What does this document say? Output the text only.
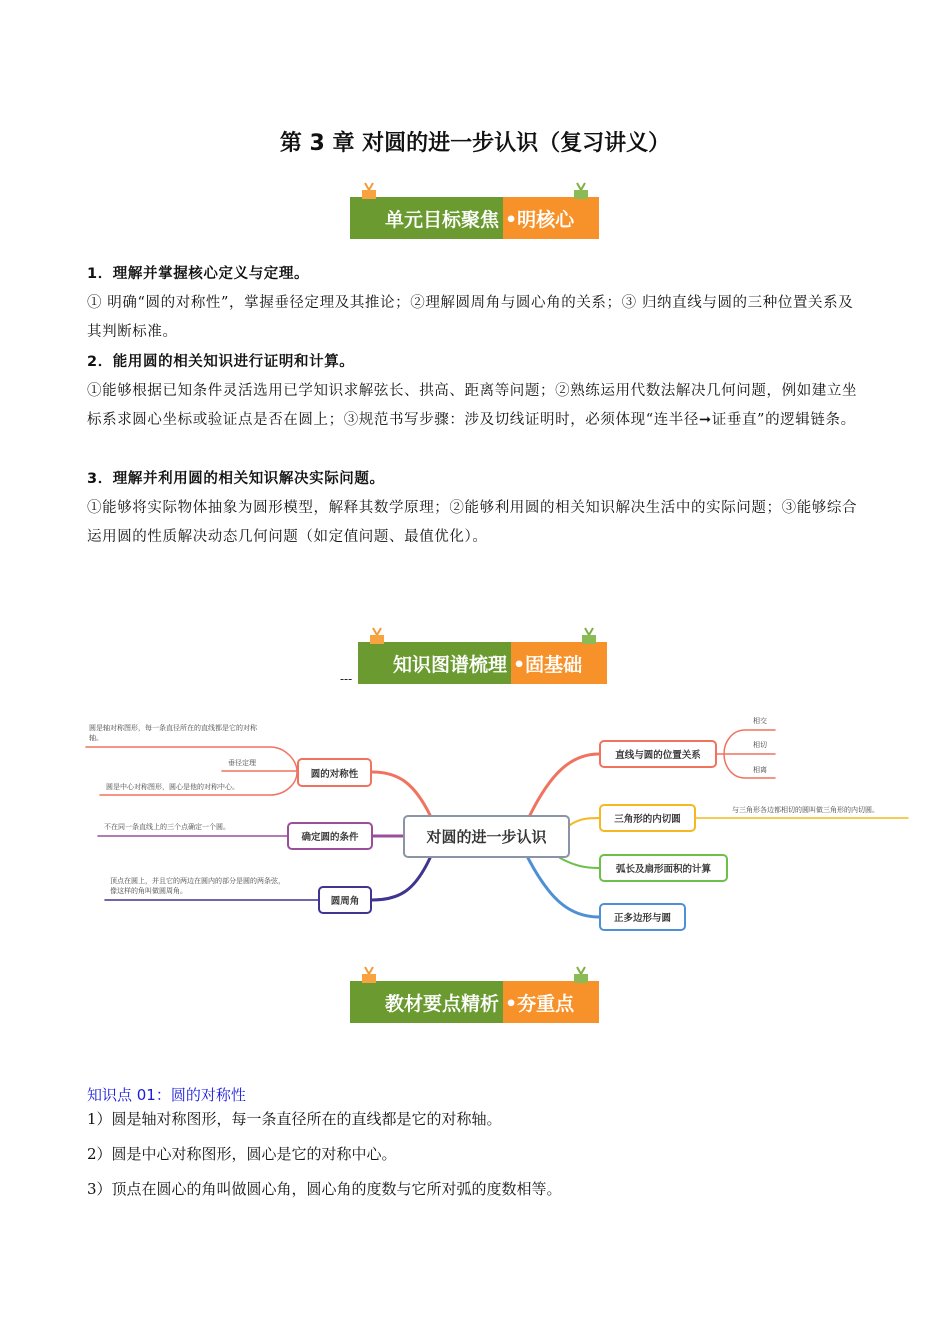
第 3 章 对圆的进一步认识（复习讲义）
单元目标聚焦 •明核心
1．理解并掌握核心定义与定理。
① 明确“圆的对称性”，掌握垂径定理及其推论；②理解圆周角与圆心角的关系；③ 归纳直线与圆的三种位置关系及其判断标准。
2．能用圆的相关知识进行证明和计算。
①能够根据已知条件灵活选用已学知识求解弦长、拱高、距离等问题；②熟练运用代数法解决几何问题，例如建立坐标系求圆心坐标或验证点是否在圆上；③规范书写步骤：涉及切线证明时，必须体现“连半径➞证垂直”的逻辑链条。
3．理解并利用圆的相关知识解决实际问题。
①能够将实际物体抽象为圆形模型，解释其数学原理；②能够利用圆的相关知识解决生活中的实际问题；③能够综合运用圆的性质解决动态几何问题（如定值问题、最值优化）。
---
知识图谱梳理 •固基础
对圆的进一步认识
圆的对称性
确定圆的条件
圆周角
直线与圆的位置关系
三角形的内切圆
弧长及扇形面积的计算
正多边形与圆
圆是轴对称图形，每一条直径所在的直线都是它的对称轴。
垂径定理
圆是中心对称图形，圆心是他的对称中心。
不在同一条直线上的三个点确定一个圆。
顶点在圆上，并且它的两边在圆内的部分是圆的两条弦，像这样的角叫做圆周角。
相交
相切
相离
与三角形各边都相切的圆叫做三角形的内切圆。
教材要点精析 •夯重点
知识点 01：圆的对称性
1）圆是轴对称图形，每一条直径所在的直线都是它的对称轴。
2）圆是中心对称图形，圆心是它的对称中心。
3）顶点在圆心的角叫做圆心角，圆心角的度数与它所对弧的度数相等。
